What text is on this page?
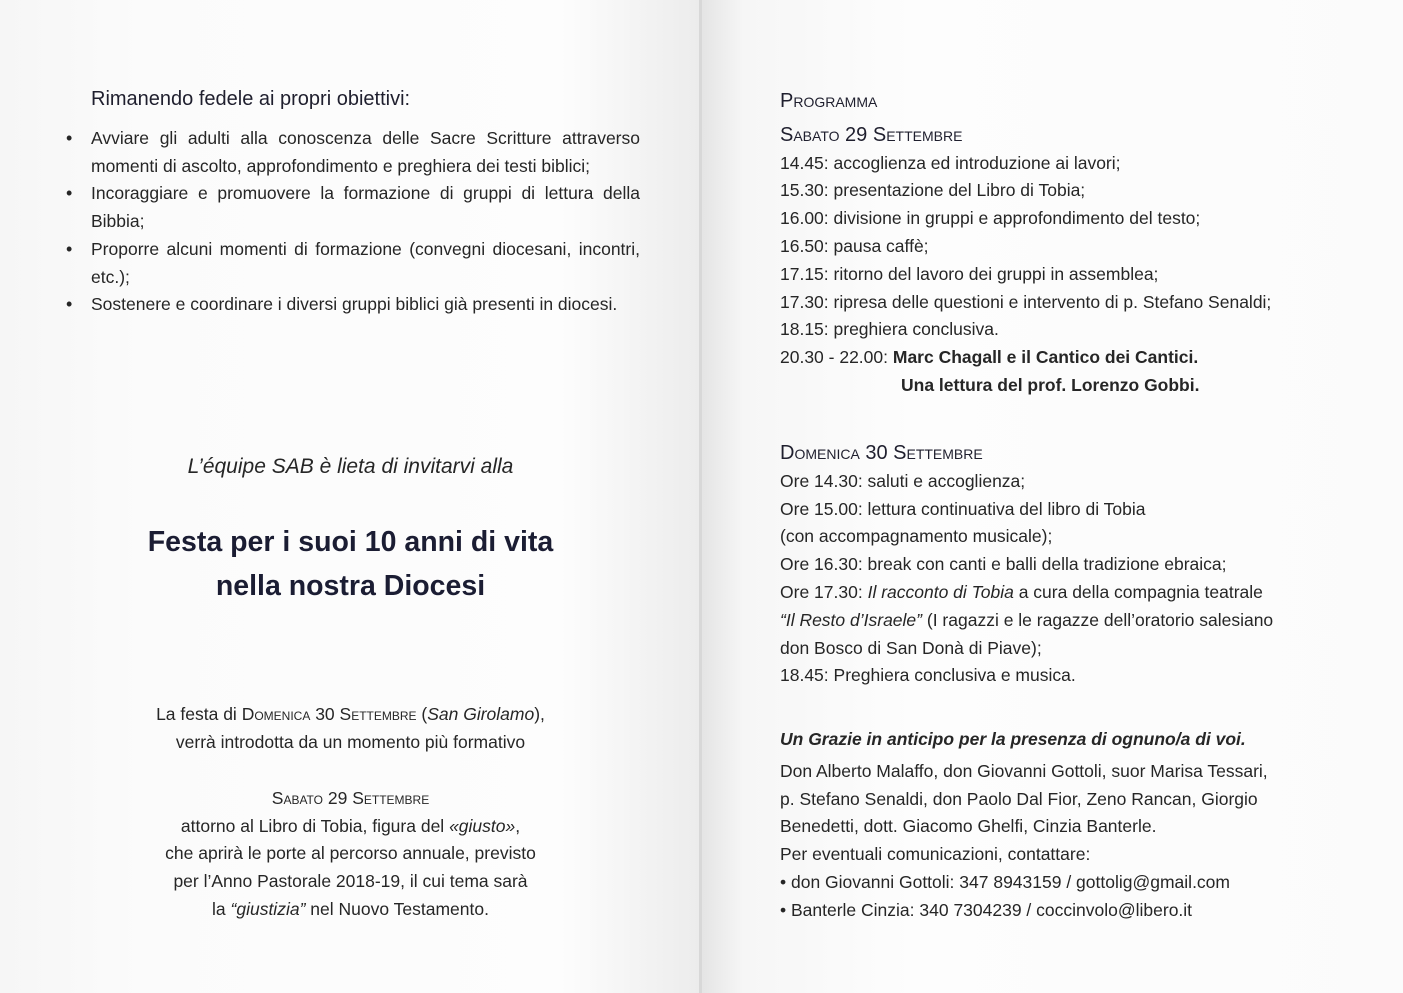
Rimanendo fedele ai propri obiettivi:
• Avviare gli adulti alla conoscenza delle Sacre Scritture attraverso momenti di ascolto, approfondimento e preghiera dei testi biblici;
• Incoraggiare e promuovere la formazione di gruppi di lettura della Bibbia;
• Proporre alcuni momenti di formazione (convegni diocesani, incontri, etc.);
• Sostenere e coordinare i diversi gruppi biblici già presenti in diocesi.
L’équipe SAB è lieta di invitarvi alla
Festa per i suoi 10 anni di vita
nella nostra Diocesi
La festa di Domenica 30 Settembre (San Girolamo),
verrà introdotta da un momento più formativo
Sabato 29 Settembre
attorno al Libro di Tobia, figura del «giusto»,
che aprirà le porte al percorso annuale, previsto
per l’Anno Pastorale 2018-19, il cui tema sarà
la “giustizia” nel Nuovo Testamento.
Programma
Sabato 29 Settembre
14.45: accoglienza ed introduzione ai lavori;
15.30: presentazione del Libro di Tobia;
16.00: divisione in gruppi e approfondimento del testo;
16.50: pausa caffè;
17.15: ritorno del lavoro dei gruppi in assemblea;
17.30: ripresa delle questioni e intervento di p. Stefano Senaldi;
18.15: preghiera conclusiva.
20.30 - 22.00: Marc Chagall e il Cantico dei Cantici.
Una lettura del prof. Lorenzo Gobbi.
Domenica 30 Settembre
Ore 14.30: saluti e accoglienza;
Ore 15.00: lettura continuativa del libro di Tobia
(con accompagnamento musicale);
Ore 16.30: break con canti e balli della tradizione ebraica;
Ore 17.30: Il racconto di Tobia a cura della compagnia teatrale
“Il Resto d’Israele” (I ragazzi e le ragazze dell’oratorio salesiano
don Bosco di San Donà di Piave);
18.45: Preghiera conclusiva e musica.
Un Grazie in anticipo per la presenza di ognuno/a di voi.
Don Alberto Malaffo, don Giovanni Gottoli, suor Marisa Tessari,
p. Stefano Senaldi, don Paolo Dal Fior, Zeno Rancan, Giorgio
Benedetti, dott. Giacomo Ghelfi, Cinzia Banterle.
Per eventuali comunicazioni, contattare:
• don Giovanni Gottoli: 347 8943159 / gottolig@gmail.com
• Banterle Cinzia: 340 7304239 / coccinvolo@libero.it
